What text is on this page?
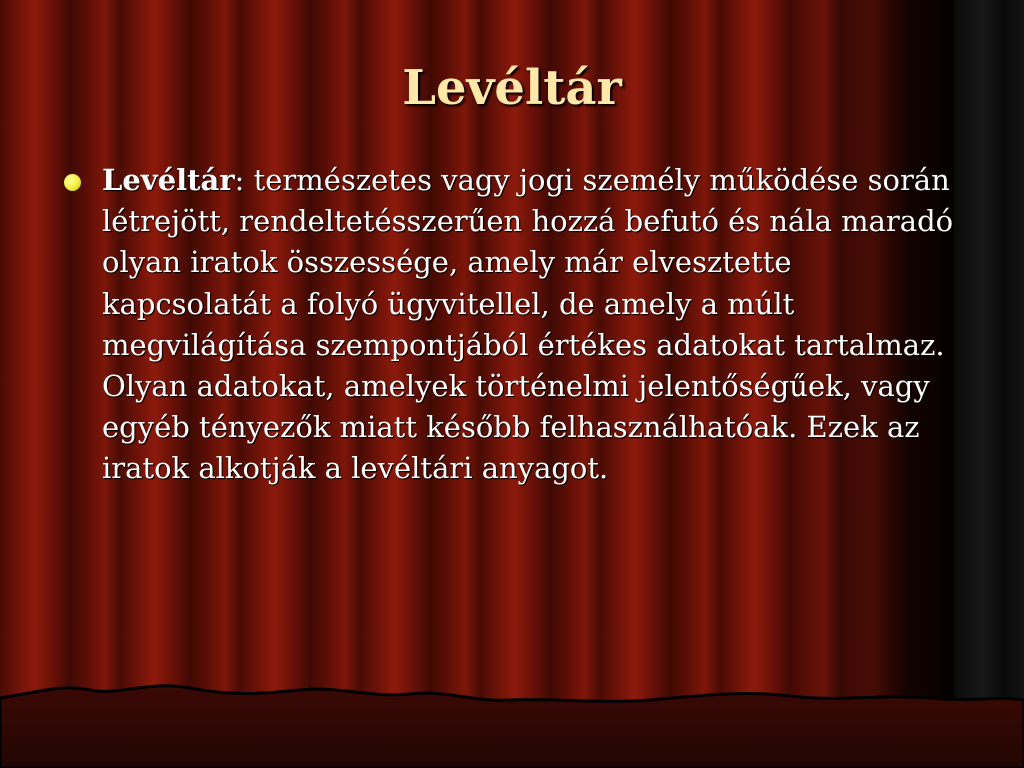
Levéltár
Levéltár: természetes vagy jogi személy működése során létrejött, rendeltetésszerűen hozzá befutó és nála maradó olyan iratok összessége, amely már elvesztette kapcsolatát a folyó ügyvitellel, de amely a múlt megvilágítása szempontjából értékes adatokat tartalmaz. Olyan adatokat, amelyek történelmi jelentőségűek, vagy egyéb tényezők miatt később felhasználhatóak. Ezek az iratok alkotják a levéltári anyagot.
